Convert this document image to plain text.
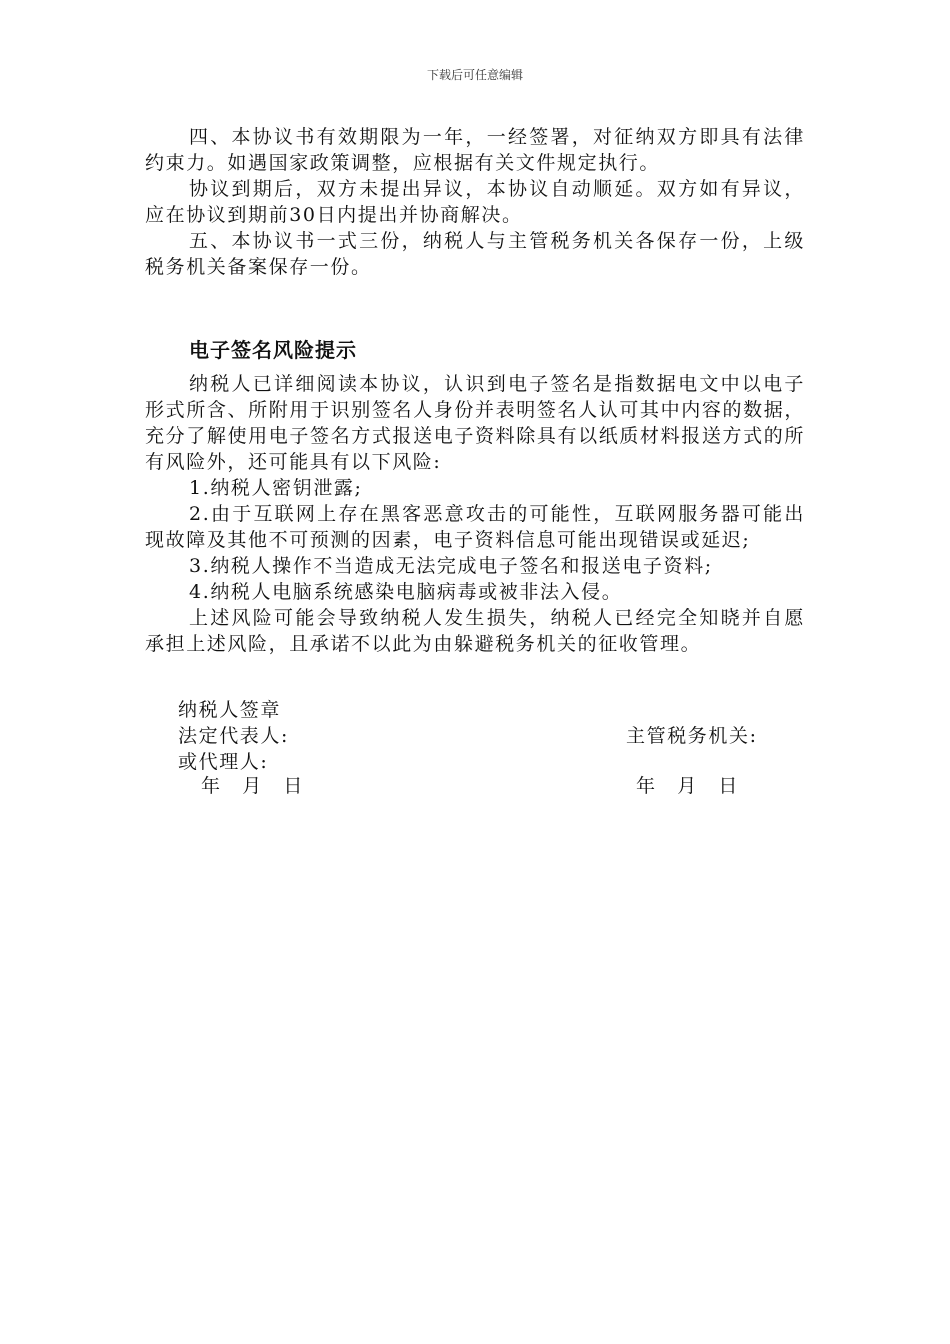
下载后可任意编辑

四、本协议书有效期限为一年，一经签署，对征纳双方即具有法律约束力。如遇国家政策调整，应根据有关文件规定执行。

协议到期后，双方未提出异议，本协议自动顺延。双方如有异议，应在协议到期前30日内提出并协商解决。

五、本协议书一式三份，纳税人与主管税务机关各保存一份，上级税务机关备案保存一份。

电子签名风险提示

纳税人已详细阅读本协议，认识到电子签名是指数据电文中以电子形式所含、所附用于识别签名人身份并表明签名人认可其中内容的数据，充分了解使用电子签名方式报送电子资料除具有以纸质材料报送方式的所有风险外，还可能具有以下风险:

1.纳税人密钥泄露;

2.由于互联网上存在黑客恶意攻击的可能性，互联网服务器可能出现故障及其他不可预测的因素，电子资料信息可能出现错误或延迟;

3.纳税人操作不当造成无法完成电子签名和报送电子资料;

4.纳税人电脑系统感染电脑病毒或被非法入侵。

上述风险可能会导致纳税人发生损失，纳税人已经完全知晓并自愿承担上述风险，且承诺不以此为由躲避税务机关的征收管理。

纳税人签章
法定代表人:
或代理人:
年　月　日
主管税务机关:
年　月　日
